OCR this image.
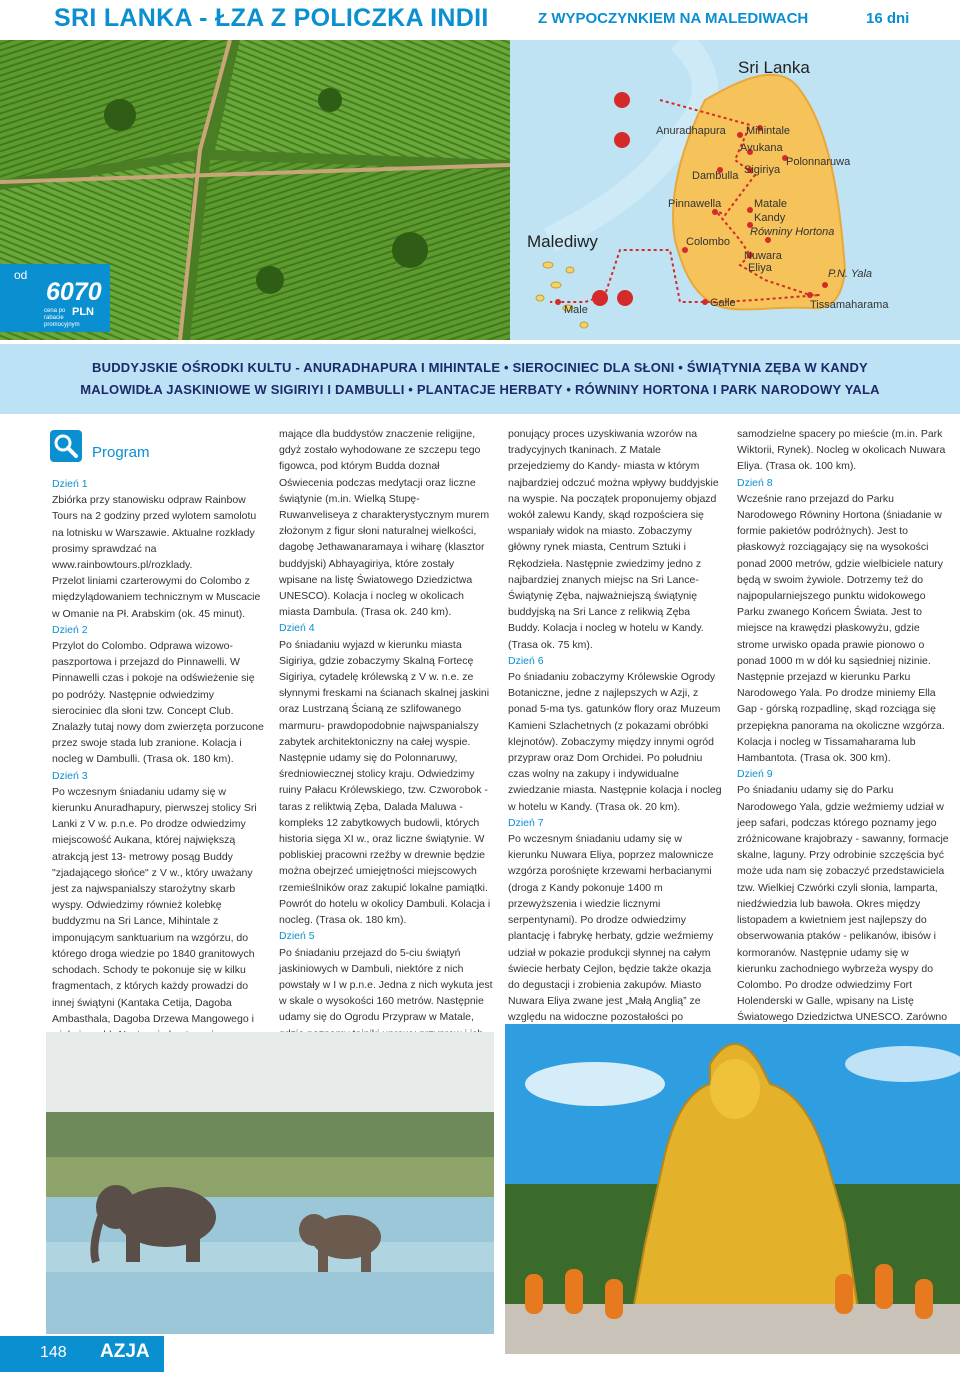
SRI LANKA - ŁZA Z POLICZKA INDII	Z WYPOCZYNKIEM NA MALEDIWACH	16 dni
Sri Lanka
Malediwy
Anuradhapura Mihintale
Avukana
Dambulla Sigiriya
Polonnaruwa
Pinnawella	Matale
Kandy
Równiny Hortona
Colombo
Nuwara
Eliya	P.N. Yala
Galle	Tissamaharama
Male
od
6070
cena po rabacie promocyjnym
PLN

BUDDYJSKIE OŚRODKI KULTU - ANURADHAPURA I MIHINTALE • SIEROCINIEC DLA SŁONI • ŚWIĄTYNIA ZĘBA W KANDY

MALOWIDŁA JASKINIOWE W SIGIRIYI I DAMBULLI • PLANTACJE HERBATY • RÓWNINY HORTONA I PARK NARODOWY YALA

Program

Dzień 1

Zbiórka przy stanowisku odpraw Rainbow Tours na 2 godziny przed wylotem samolotu na lotnisku w Warszawie. Aktualne rozkłady prosimy sprawdzać na www.rainbowtours.pl/rozklady.

Przelot liniami czarterowymi do Colombo z międzylądowaniem technicznym w Muscacie w Omanie na Pł. Arabskim (ok. 45 minut).

Dzień 2

Przylot do Colombo. Odprawa wizowo-paszportowa i przejazd do Pinnawelli. W Pinnawelli czas i pokoje na odświeżenie się po podróży. Następnie odwiedzimy sierociniec dla słoni tzw. Concept Club. Znalazły tutaj nowy dom zwierzęta porzucone przez swoje stada lub zranione. Kolacja i nocleg w Dambulli. (Trasa ok. 180 km).

Dzień 3

Po wczesnym śniadaniu udamy się w kierunku Anuradhapury, pierwszej stolicy Sri Lanki z V w. p.n.e. Po drodze odwiedzimy miejscowość Aukana, której największą atrakcją jest 13- metrowy posąg Buddy "zjadającego słońce" z V w., który uważany jest za najwspanialszy starożytny skarb wyspy. Odwiedzimy również kolebkę buddyzmu na Sri Lance, Mihintale z imponującym sanktuarium na wzgórzu, do którego droga wiedzie po 1840 granitowych schodach. Schody te pokonuje się w kilku fragmentach, z których każdy prowadzi do innej świątyni (Kantaka Cetija, Dagoba Ambasthala, Dagoba Drzewa Mangowego i

mające dla buddystów znaczenie religijne, gdyż zostało wyhodowane ze szczepu tego figowca, pod którym Budda doznał Oświecenia podczas medytacji oraz liczne świątynie (m.in. Wielką Stupę- Ruwanveliseya z charakterystycznym murem złożonym z figur słoni naturalnej wielkości, dagobę Jethawanaramaya i wiharę (klasztor buddyjski) Abhayagiriya, które zostały wpisane na listę Światowego Dziedzictwa UNESCO). Kolacja i nocleg w okolicach miasta Dambula. (Trasa ok. 240 km).

Dzień 4

Po śniadaniu wyjazd w kierunku miasta Sigiriya, gdzie zobaczymy Skalną Fortecę Sigiriya, cytadelę królewską z V w. n.e. ze słynnymi freskami na ścianach skalnej jaskini oraz Lustrzaną Ścianą ze szlifowanego marmuru- prawdopodobnie najwspanialszy zabytek architektoniczny na całej wyspie. Następnie udamy się do Polonnaruwy, średniowiecznej stolicy kraju. Odwiedzimy ruiny Pałacu Królewskiego, tzw. Czworobok - taras z reliktwią Zęba, Dalada Maluwa - kompleks 12 zabytkowych budowli, których historia sięga XI w., oraz liczne świątynie. W pobliskiej pracowni rzeźby w drewnie będzie można obejrzeć umiejętności miejscowych rzemieślników oraz zakupić lokalne pamiątki. Powrót do hotelu w okolicy Dambuli. Kolacja i nocleg. (Trasa ok. 180 km).

Dzień 5

Po śniadaniu przejazd do 5-ciu świątyń jaskiniowych w Dambuli, niektóre z nich powstały w I w p.n.e. Jedna z nich wykuta jest w skale o wysokości 160 metrów. Następnie udamy się do Ogrodu Przypraw w Matale,

ponujący proces uzyskiwania wzorów na tradycyjnych tkaninach. Z Matale przejedziemy do Kandy- miasta w którym najbardziej odczuć można wpływy buddyjskie na wyspie. Na początek proponujemy objazd wokół zalewu Kandy, skąd rozpościera się wspaniały widok na miasto. Zobaczymy główny rynek miasta, Centrum Sztuki i Rękodzieła. Następnie zwiedzimy jedno z najbardziej znanych miejsc na Sri Lance- Świątynię Zęba, najważniejszą świątynię buddyjską na Sri Lance z relikwią Zęba Buddy. Kolacja i nocleg w hotelu w Kandy. (Trasa ok. 75 km).

Dzień 6

Po śniadaniu zobaczymy Królewskie Ogrody Botaniczne, jedne z najlepszych w Azji, z ponad 5-ma tys. gatunków flory oraz Muzeum Kamieni Szlachetnych (z pokazami obróbki klejnotów). Zobaczymy między innymi ogród przypraw oraz Dom Orchidei. Po południu czas wolny na zakupy i indywidualne zwiedzanie miasta. Następnie kolacja i nocleg w hotelu w Kandy. (Trasa ok. 20 km).

Dzień 7

Po wczesnym śniadaniu udamy się w kierunku Nuwara Eliya, poprzez malownicze wzgórza porośnięte krzewami herbacianymi (droga z Kandy pokonuje 1400 m przewyższenia i wiedzie licznymi serpentynami). Po drodze odwiedzimy plantację i fabrykę herbaty, gdzie weźmiemy udział w pokazie produkcji słynnej na całym świecie herbaty Cejlon, będzie także okazja do degustacji i zrobienia zakupów. Miasto Nuwara Eliya zwane jest „Małą Anglią” ze względu na widoczne pozostałości po

samodzielne spacery po mieście (m.in. Park Wiktorii, Rynek). Nocleg w okolicach Nuwara Eliya. (Trasa ok. 100 km).

Dzień 8

Wcześnie rano przejazd do Parku Narodowego Równiny Hortona (śniadanie w formie pakietów podróżnych). Jest to płaskowyż rozciągający się na wysokości ponad 2000 metrów, gdzie wielbiciele natury będą w swoim żywiole. Dotrzemy też do najpopularniejszego punktu widokowego Parku zwanego Końcem Świata. Jest to miejsce na krawędzi płaskowyżu, gdzie strome urwisko opada prawie pionowo o ponad 1000 m w dół ku sąsiedniej nizinie. Następnie przejazd w kierunku Parku Narodowego Yala. Po drodze miniemy Ella Gap - górską rozpadlinę, skąd rozciąga się przepiękna panorama na okoliczne wzgórza. Kolacja i nocleg w Tissamaharama lub Hambantota. (Trasa ok. 300 km).

Dzień 9

Po śniadaniu udamy się do Parku Narodowego Yala, gdzie weźmiemy udział w jeep safari, podczas którego poznamy jego zróżnicowane krajobrazy - sawanny, formacje skalne, laguny. Przy odrobinie szczęścia być może uda nam się zobaczyć przedstawiciela tzw. Wielkiej Czwórki czyli słonia, lamparta, niedźwiedzia lub bawoła. Okres między listopadem a kwietniem jest najlepszy do obserwowania ptaków - pelikanów, ibisów i kormoranów. Następnie udamy się w kierunku zachodniego wybrzeża wyspy do Colombo. Po drodze odwiedzimy Fort Holenderski w Galle, wpisany na Listę Światowego Dziedzictwa UNESCO. Zarówno

148 AZJA
